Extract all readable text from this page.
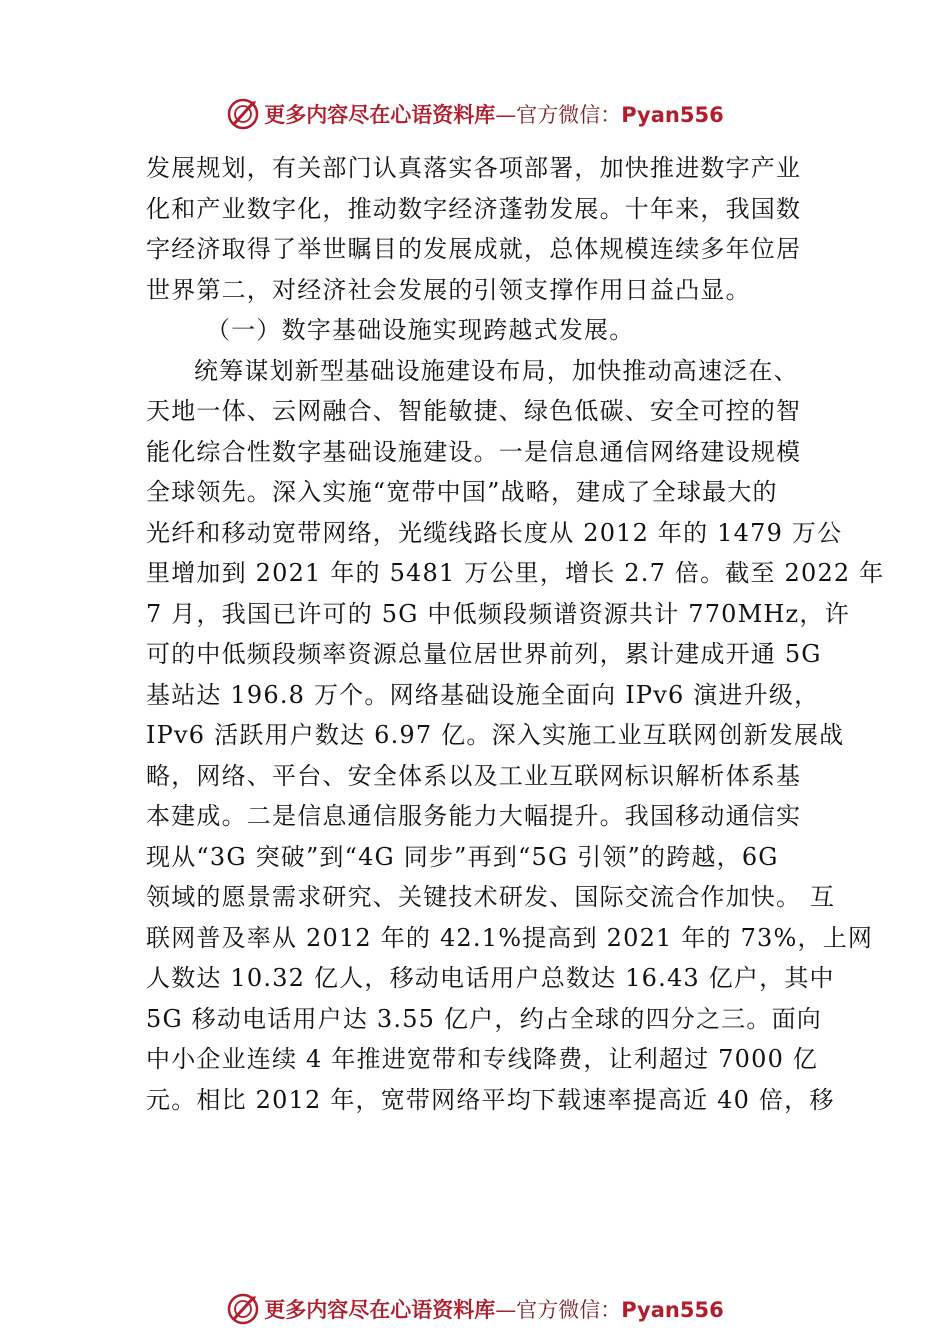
更多内容尽在心语资料库—官方微信：Pyan556
发展规划，有关部门认真落实各项部署，加快推进数字产业
化和产业数字化，推动数字经济蓬勃发展。十年来，我国数
字经济取得了举世瞩目的发展成就，总体规模连续多年位居
世界第二，对经济社会发展的引领支撑作用日益凸显。
（一）数字基础设施实现跨越式发展。
统筹谋划新型基础设施建设布局，加快推动高速泛在、
天地一体、云网融合、智能敏捷、绿色低碳、安全可控的智
能化综合性数字基础设施建设。一是信息通信网络建设规模
全球领先。深入实施“宽带中国”战略，建成了全球最大的
光纤和移动宽带网络，光缆线路长度从 2012 年的 1479 万公
里增加到 2021 年的 5481 万公里，增长 2.7 倍。截至 2022 年
7 月，我国已许可的 5G 中低频段频谱资源共计 770MHz，许
可的中低频段频率资源总量位居世界前列，累计建成开通 5G
基站达 196.8 万个。网络基础设施全面向 IPv6 演进升级，
IPv6 活跃用户数达 6.97 亿。深入实施工业互联网创新发展战
略，网络、平台、安全体系以及工业互联网标识解析体系基
本建成。二是信息通信服务能力大幅提升。我国移动通信实
现从“3G 突破”到“4G 同步”再到“5G 引领”的跨越，6G
领域的愿景需求研究、关键技术研发、国际交流合作加快。 互
联网普及率从 2012 年的 42.1%提高到 2021 年的 73%，上网
人数达 10.32 亿人，移动电话用户总数达 16.43 亿户，其中
5G 移动电话用户达 3.55 亿户，约占全球的四分之三。面向
中小企业连续 4 年推进宽带和专线降费，让利超过 7000 亿
元。相比 2012 年，宽带网络平均下载速率提高近 40 倍，移
更多内容尽在心语资料库—官方微信：Pyan556
